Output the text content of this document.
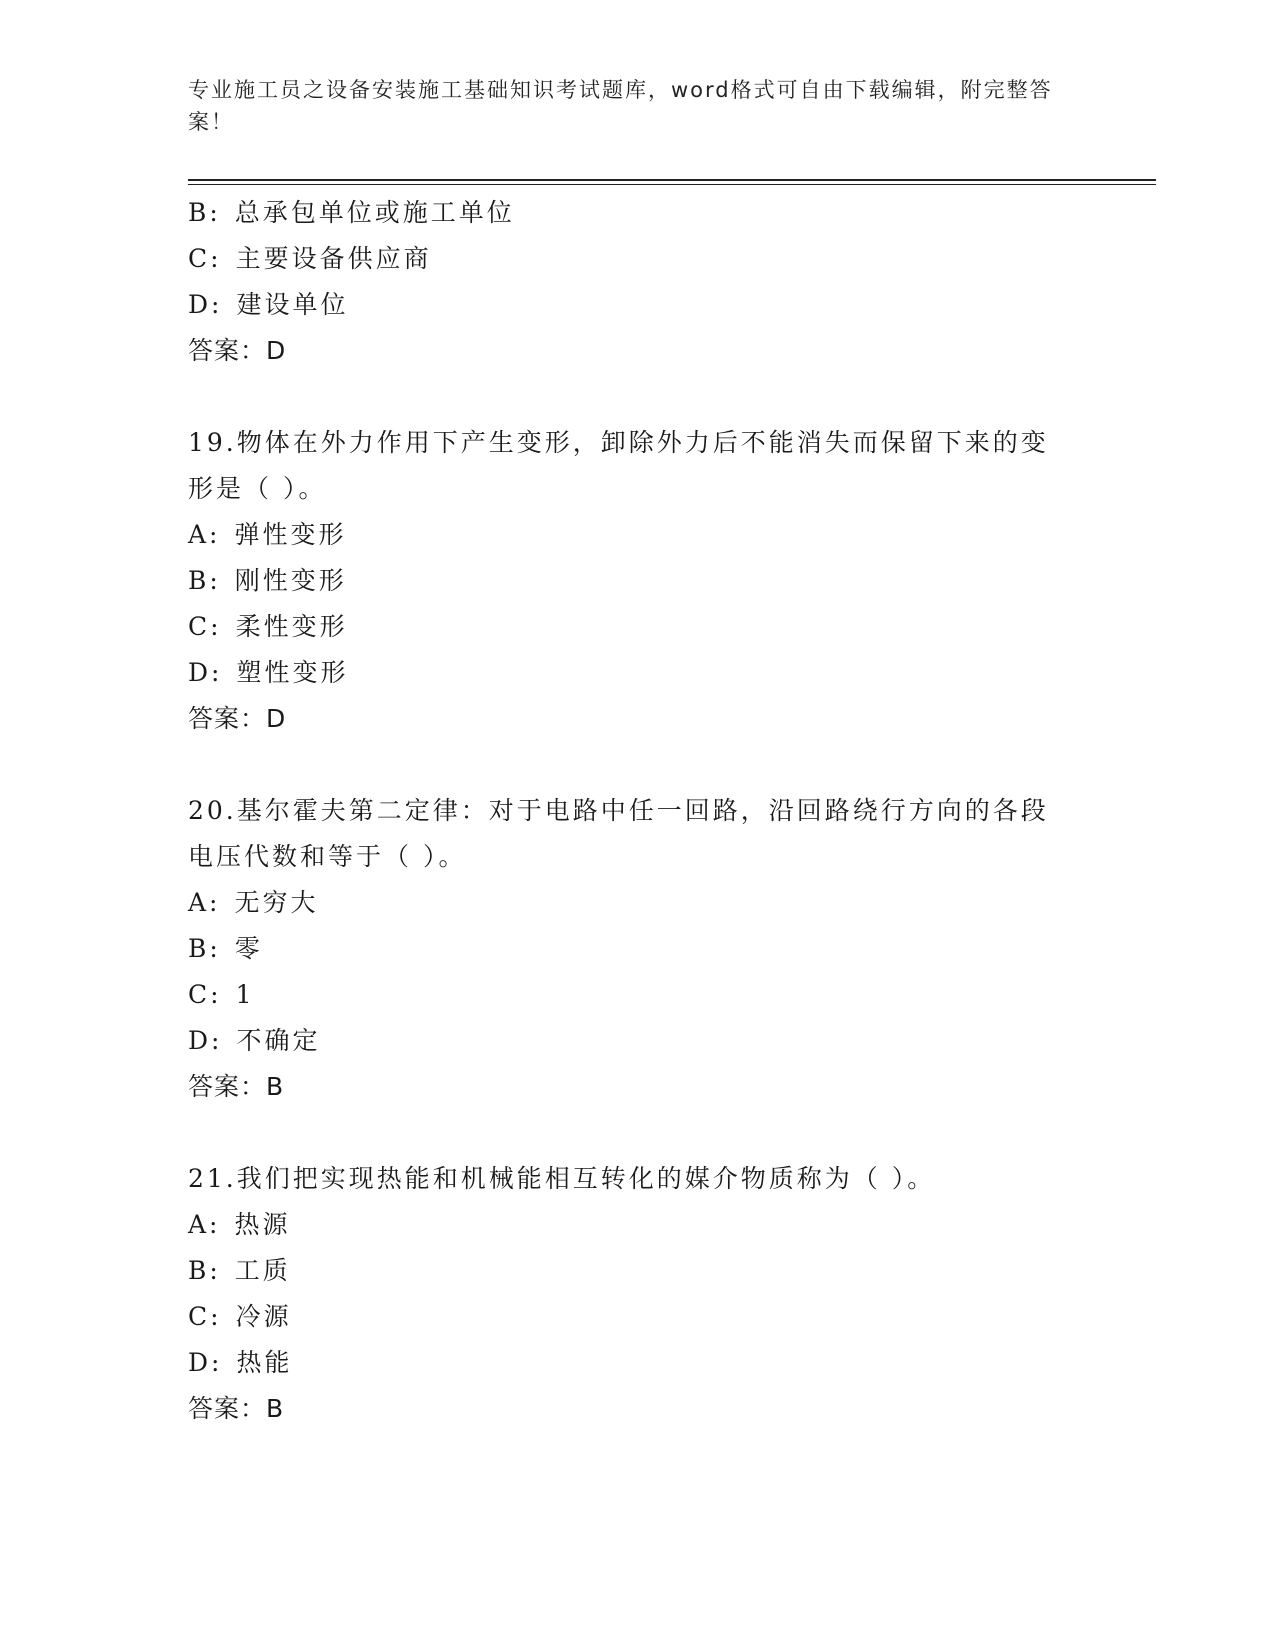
专业施工员之设备安装施工基础知识考试题库，word格式可自由下载编辑，附完整答案！
B: 总承包单位或施工单位
C: 主要设备供应商
D: 建设单位
答案：D
19.物体在外力作用下产生变形，卸除外力后不能消失而保留下来的变形是（ ）。
A: 弹性变形
B: 刚性变形
C: 柔性变形
D: 塑性变形
答案：D
20.基尔霍夫第二定律：对于电路中任一回路，沿回路绕行方向的各段电压代数和等于（ ）。
A: 无穷大
B: 零
C: 1
D: 不确定
答案：B
21.我们把实现热能和机械能相互转化的媒介物质称为（ ）。
A: 热源
B: 工质
C: 冷源
D: 热能
答案：B
